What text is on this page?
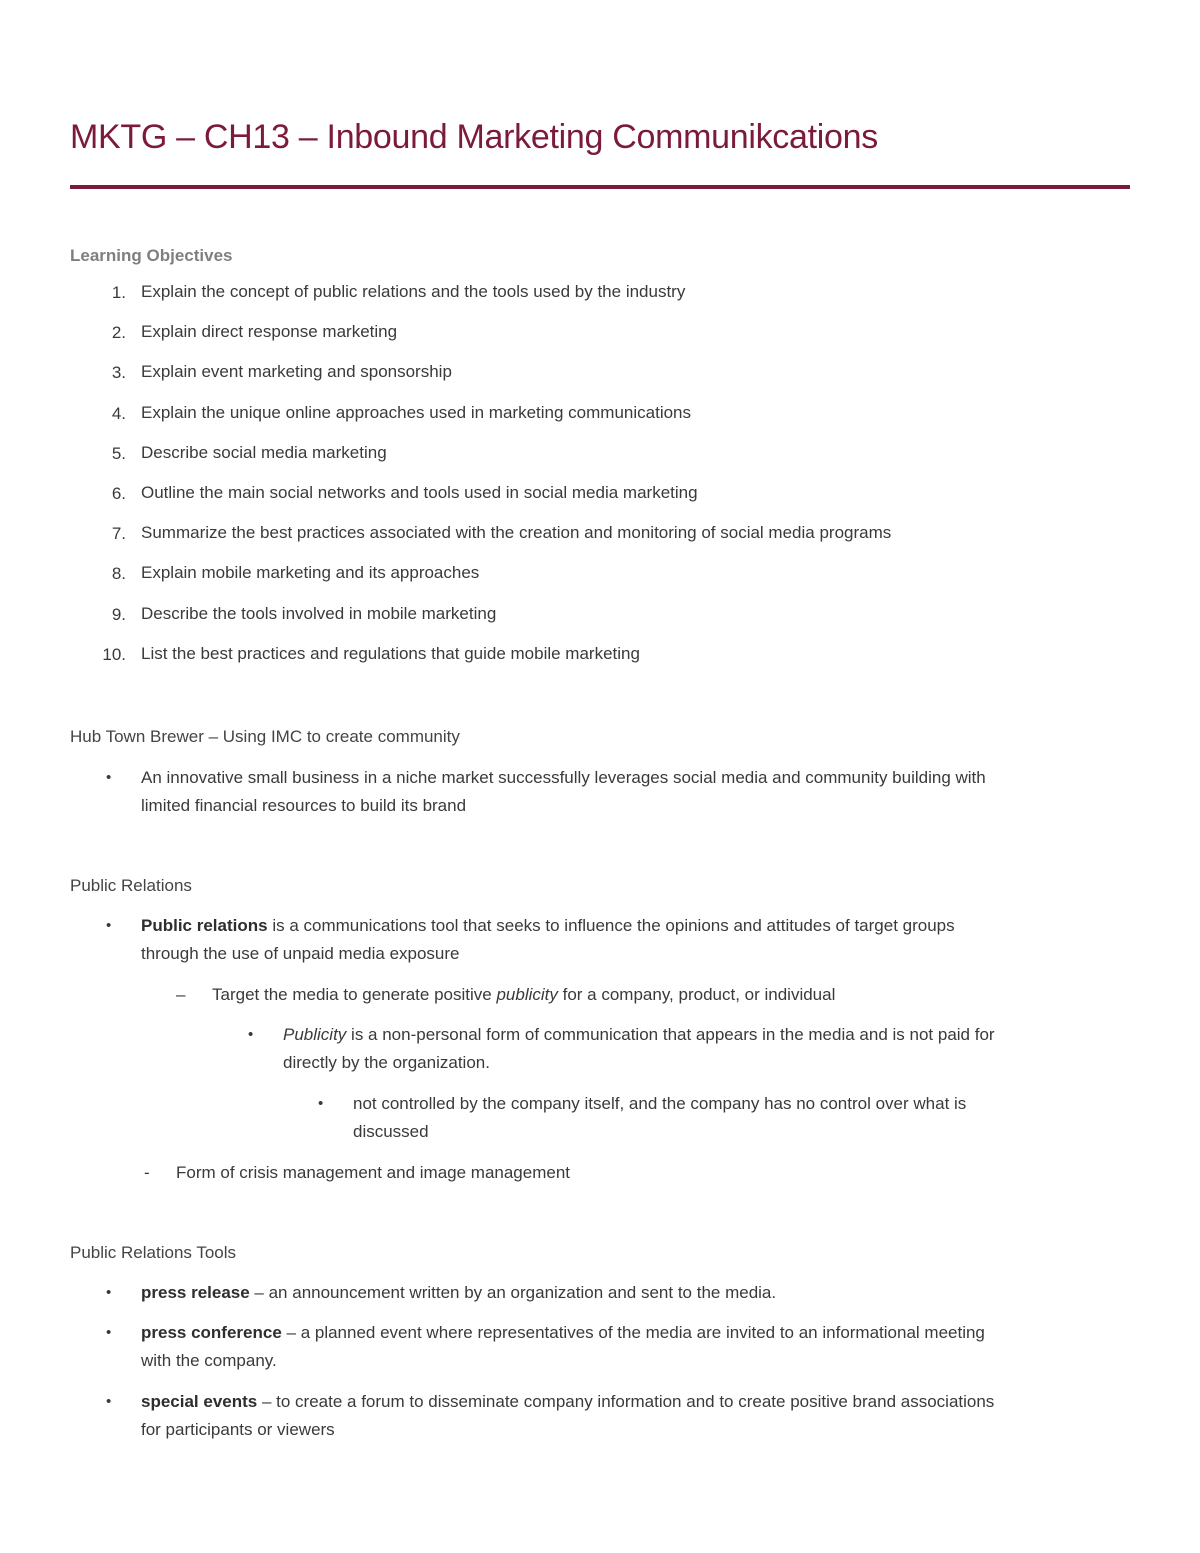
MKTG – CH13 – Inbound Marketing Communikcations
Learning Objectives
1. Explain the concept of public relations and the tools used by the industry
2. Explain direct response marketing
3. Explain event marketing and sponsorship
4. Explain the unique online approaches used in marketing communications
5. Describe social media marketing
6. Outline the main social networks and tools used in social media marketing
7. Summarize the best practices associated with the creation and monitoring of social media programs
8. Explain mobile marketing and its approaches
9. Describe the tools involved in mobile marketing
10. List the best practices and regulations that guide mobile marketing
Hub Town Brewer – Using IMC to create community
• An innovative small business in a niche market successfully leverages social media and community building with
limited financial resources to build its brand
Public Relations
• Public relations is a communications tool that seeks to influence the opinions and attitudes of target groups
through the use of unpaid media exposure
– Target the media to generate positive publicity for a company, product, or individual
• Publicity is a non-personal form of communication that appears in the media and is not paid for
directly by the organization.
• not controlled by the company itself, and the company has no control over what is
discussed
- Form of crisis management and image management
Public Relations Tools
• press release – an announcement written by an organization and sent to the media.
• press conference – a planned event where representatives of the media are invited to an informational meeting
with the company.
• special events – to create a forum to disseminate company information and to create positive brand associations
for participants or viewers
